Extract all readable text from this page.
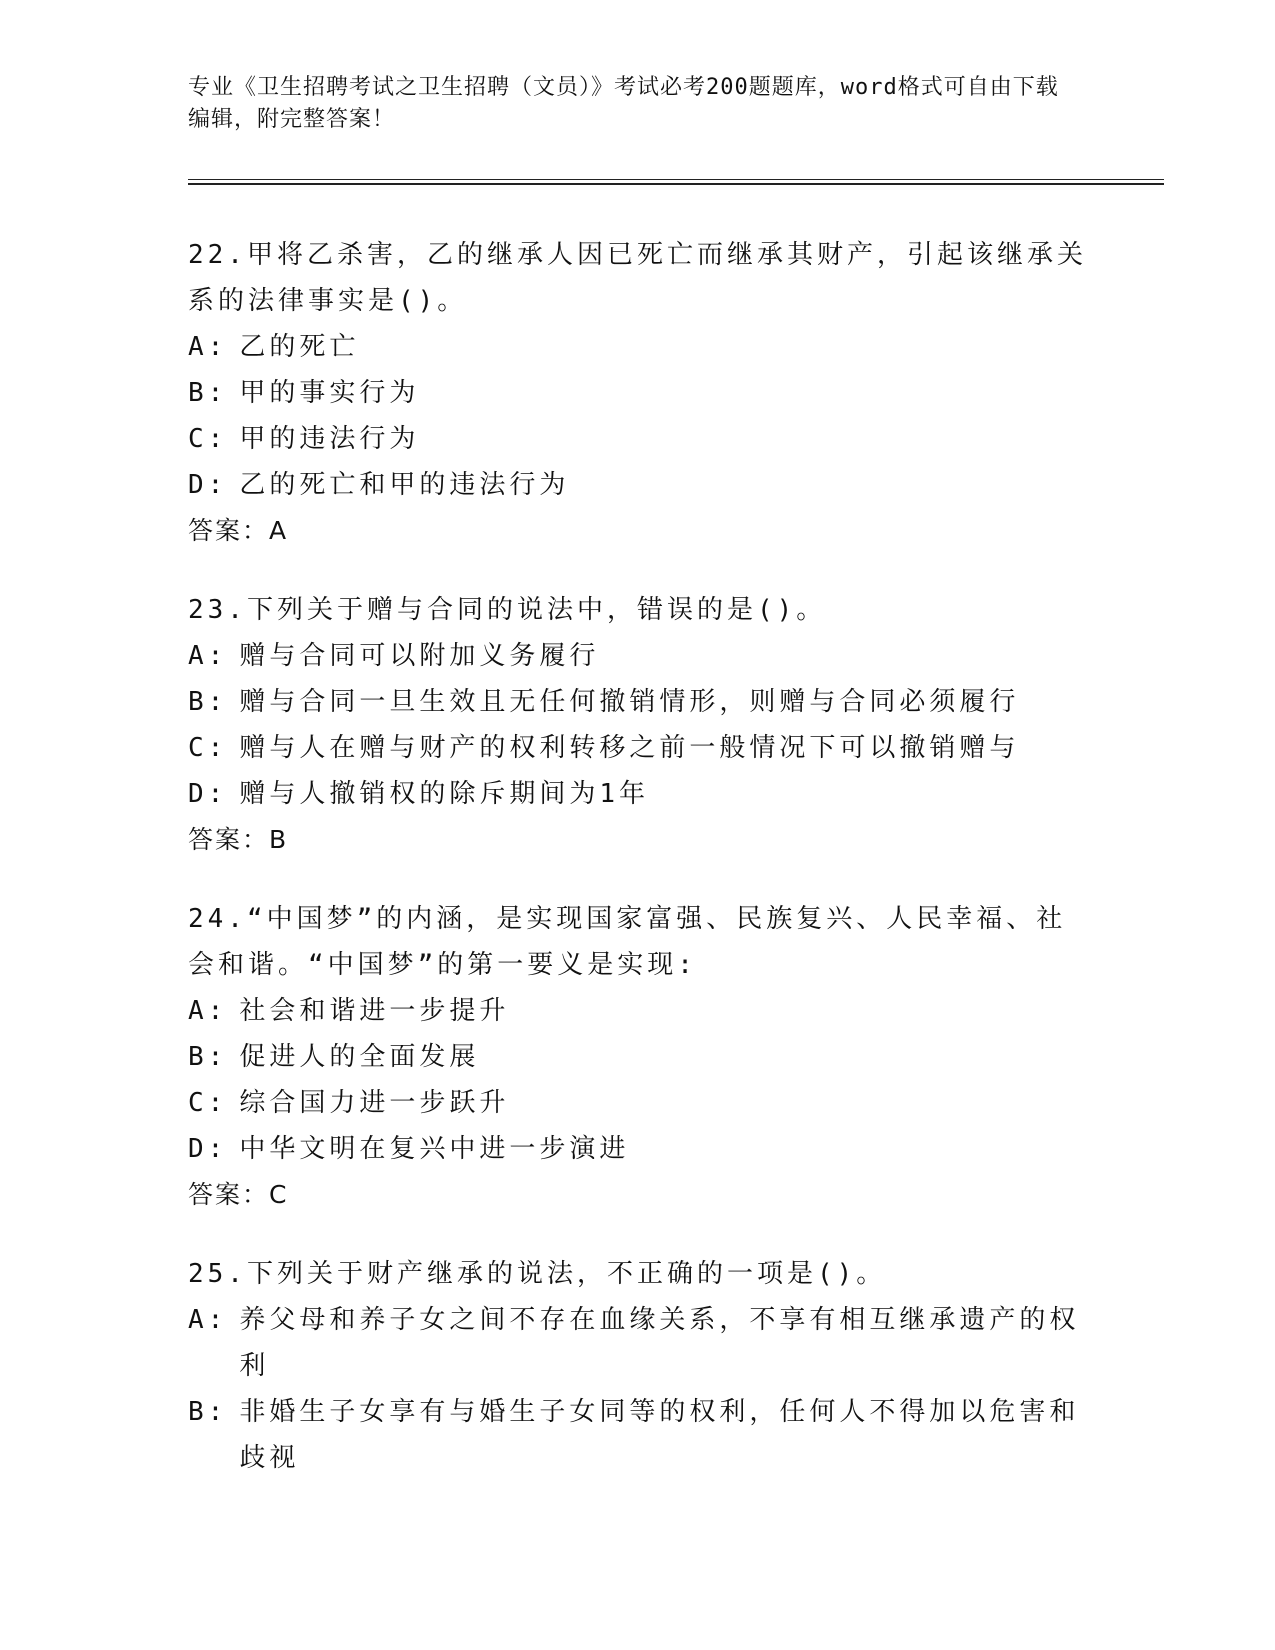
专业《卫生招聘考试之卫生招聘（文员）》考试必考200题题库，word格式可自由下载编辑，附完整答案！
22.甲将乙杀害，乙的继承人因已死亡而继承其财产，引起该继承关系的法律事实是()。
A: 乙的死亡
B: 甲的事实行为
C: 甲的违法行为
D: 乙的死亡和甲的违法行为
答案：A
23.下列关于赠与合同的说法中，错误的是()。
A: 赠与合同可以附加义务履行
B: 赠与合同一旦生效且无任何撤销情形，则赠与合同必须履行
C: 赠与人在赠与财产的权利转移之前一般情况下可以撤销赠与
D: 赠与人撤销权的除斥期间为1年
答案：B
24.“中国梦”的内涵，是实现国家富强、民族复兴、人民幸福、社会和谐。“中国梦”的第一要义是实现:
A: 社会和谐进一步提升
B: 促进人的全面发展
C: 综合国力进一步跃升
D: 中华文明在复兴中进一步演进
答案：C
25.下列关于财产继承的说法，不正确的一项是()。
A: 养父母和养子女之间不存在血缘关系，不享有相互继承遗产的权利
B: 非婚生子女享有与婚生子女同等的权利，任何人不得加以危害和歧视
